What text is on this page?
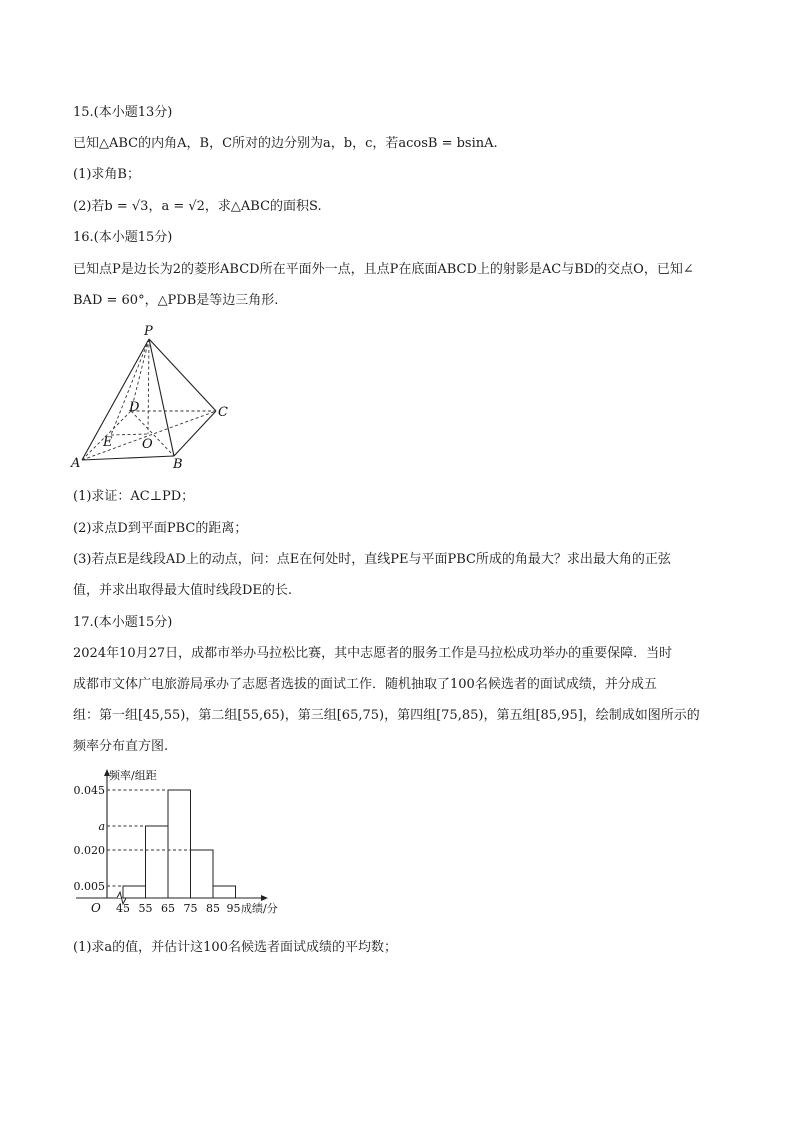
15.(本小题13分)
已知△ABC的内角A，B，C所对的边分别为a，b，c，若acosB = bsinA.
(1)求角B；
(2)若b = √3，a = √2，求△ABC的面积S.
16.(本小题15分)
已知点P是边长为2的菱形ABCD所在平面外一点，且点P在底面ABCD上的射影是AC与BD的交点O，已知∠
BAD = 60°，△PDB是等边三角形.
P
D	C
E O
A	B
(1)求证：AC⊥PD；
(2)求点D到平面PBC的距离；
(3)若点E是线段AD上的动点，问：点E在何处时，直线PE与平面PBC所成的角最大？求出最大角的正弦
值，并求出取得最大值时线段DE的长.
17.(本小题15分)
2024年10月27日，成都市举办马拉松比赛，其中志愿者的服务工作是马拉松成功举办的重要保障．当时
成都市文体广电旅游局承办了志愿者选拔的面试工作．随机抽取了100名候选者的面试成绩，并分成五
组：第一组[45,55)，第二组[55,65)，第三组[65,75)，第四组[75,85)，第五组[85,95]，绘制成如图所示的
频率分布直方图.
频率/组距
O	成绩/分
0.045
a
0.020
0.005
45 55 65 75 85 95
(1)求a的值，并估计这100名候选者面试成绩的平均数；
